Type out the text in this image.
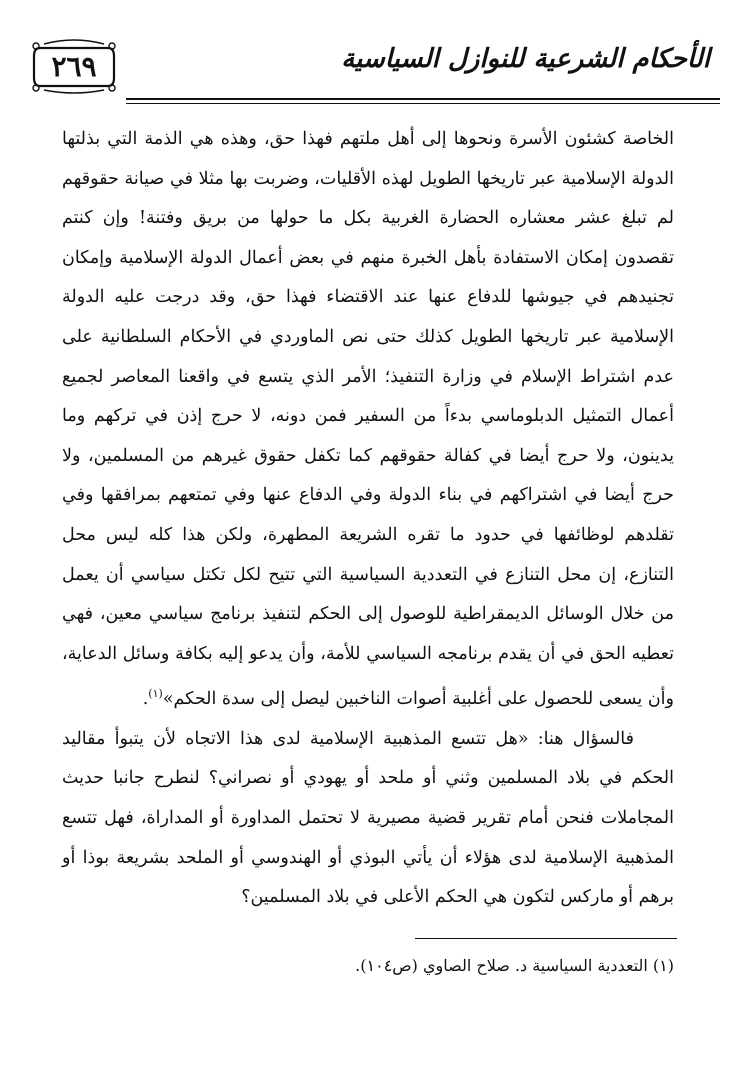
٢٦٩	الأحكام الشرعية للنوازل السياسية

الخاصة كشئون الأسرة ونحوها إلى أهل ملتهم فهذا حق، وهذه هي الذمة التي بذلتها الدولة الإسلامية عبر تاريخها الطويل لهذه الأقليات، وضربت بها مثلا في صيانة حقوقهم لم تبلغ عشر معشاره الحضارة الغربية بكل ما حولها من بريق وفتنة! وإن كنتم تقصدون إمكان الاستفادة بأهل الخبرة منهم في بعض أعمال الدولة الإسلامية وإمكان تجنيدهم في جيوشها للدفاع عنها عند الاقتضاء فهذا حق، وقد درجت عليه الدولة الإسلامية عبر تاريخها الطويل كذلك حتى نص الماوردي في الأحكام السلطانية على عدم اشتراط الإسلام في وزارة التنفيذ؛ الأمر الذي يتسع في واقعنا المعاصر لجميع أعمال التمثيل الدبلوماسي بدءاً من السفير فمن دونه، لا حرج إذن في تركهم وما يدينون، ولا حرج أيضا في كفالة حقوقهم كما تكفل حقوق غيرهم من المسلمين، ولا حرج أيضا في اشتراكهم في بناء الدولة وفي الدفاع عنها وفي تمتعهم بمرافقها وفي تقلدهم لوظائفها في حدود ما تقره الشريعة المطهرة، ولكن هذا كله ليس محل التنازع، إن محل التنازع في التعددية السياسية التي تتيح لكل تكتل سياسي أن يعمل من خلال الوسائل الديمقراطية للوصول إلى الحكم لتنفيذ برنامج سياسي معين، فهي تعطيه الحق في أن يقدم برنامجه السياسي للأمة، وأن يدعو إليه بكافة وسائل الدعاية، وأن يسعى للحصول على أغلبية أصوات الناخبين ليصل إلى سدة الحكم»$^{(١)}$.

فالسؤال هنا: «هل تتسع المذهبية الإسلامية لدى هذا الاتجاه لأن يتبوأ مقاليد الحكم في بلاد المسلمين وثني أو ملحد أو يهودي أو نصراني؟ لنطرح جانبا حديث المجاملات فنحن أمام تقرير قضية مصيرية لا تحتمل المداورة أو المداراة، فهل تتسع المذهبية الإسلامية لدى هؤلاء أن يأتي البوذي أو الهندوسي أو الملحد بشريعة بوذا أو برهم أو ماركس لتكون هي الحكم الأعلى في بلاد المسلمين؟

(١) التعددية السياسية د. صلاح الصاوي (ص١٠٤).
